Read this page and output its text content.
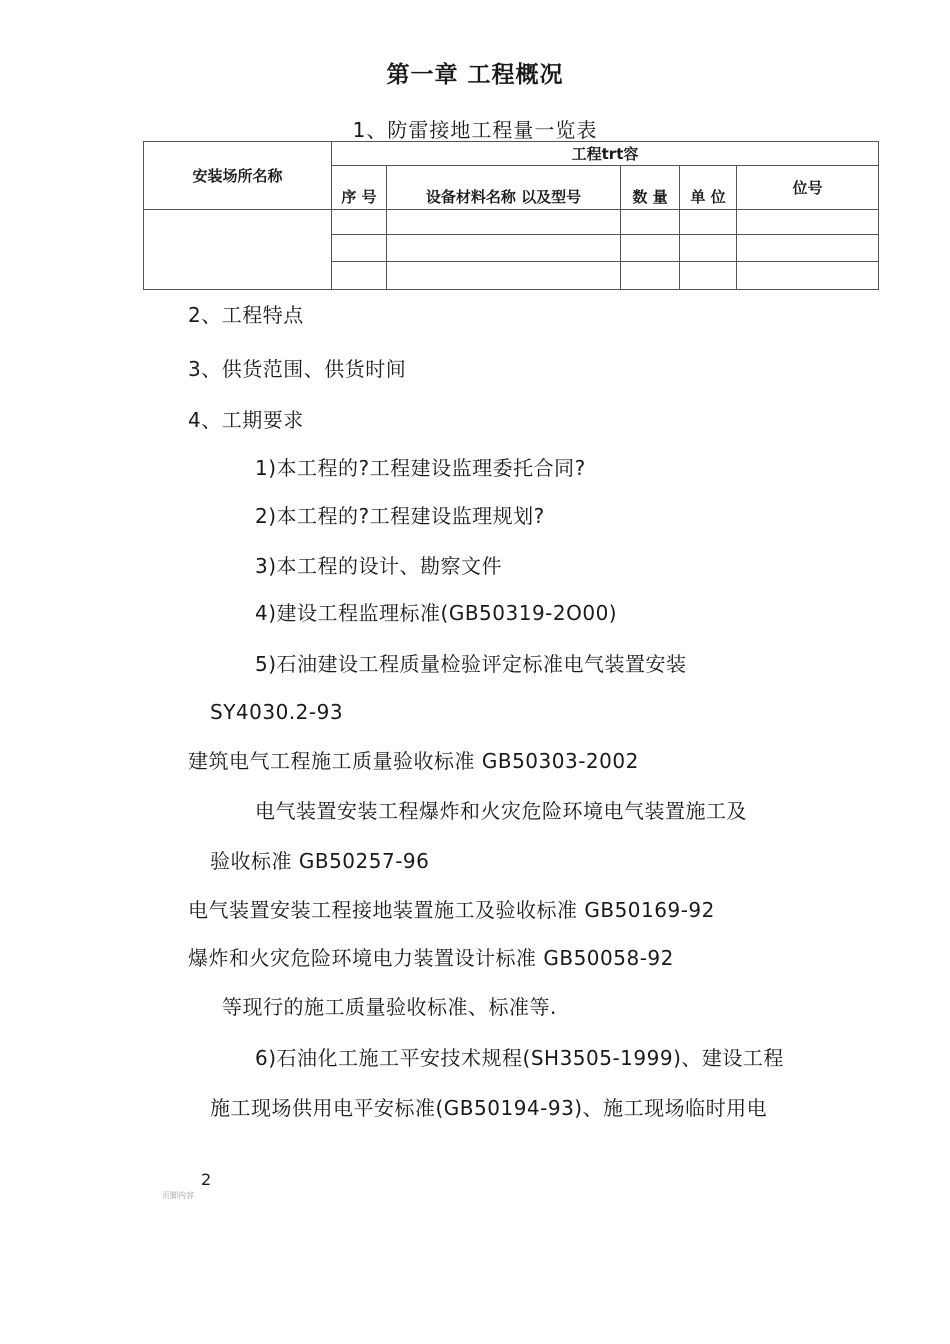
第一章 工程概况
1、防雷接地工程量一览表
安装场所名称	工程trt容				
	序 号	设备材料名称 以及型号	数 量	单 位	位号

2、工程特点
3、供货范围、供货时间
4、工期要求
1)本工程的?工程建设监理委托合同?
2)本工程的?工程建设监理规划?
3)本工程的设计、勘察文件
4)建设工程监理标准(GB50319-2O00)
5)石油建设工程质量检验评定标准电气装置安装
SY4030.2-93
建筑电气工程施工质量验收标准 GB50303-2002
电气装置安装工程爆炸和火灾危险环境电气装置施工及
验收标准 GB50257-96
电气装置安装工程接地装置施工及验收标准 GB50169-92
爆炸和火灾危险环境电力装置设计标准 GB50058-92
等现行的施工质量验收标准、标准等.
6)石油化工施工平安技术规程(SH3505-1999)、建设工程
施工现场供用电平安标准(GB50194-93)、施工现场临时用电
2
页脚内容
